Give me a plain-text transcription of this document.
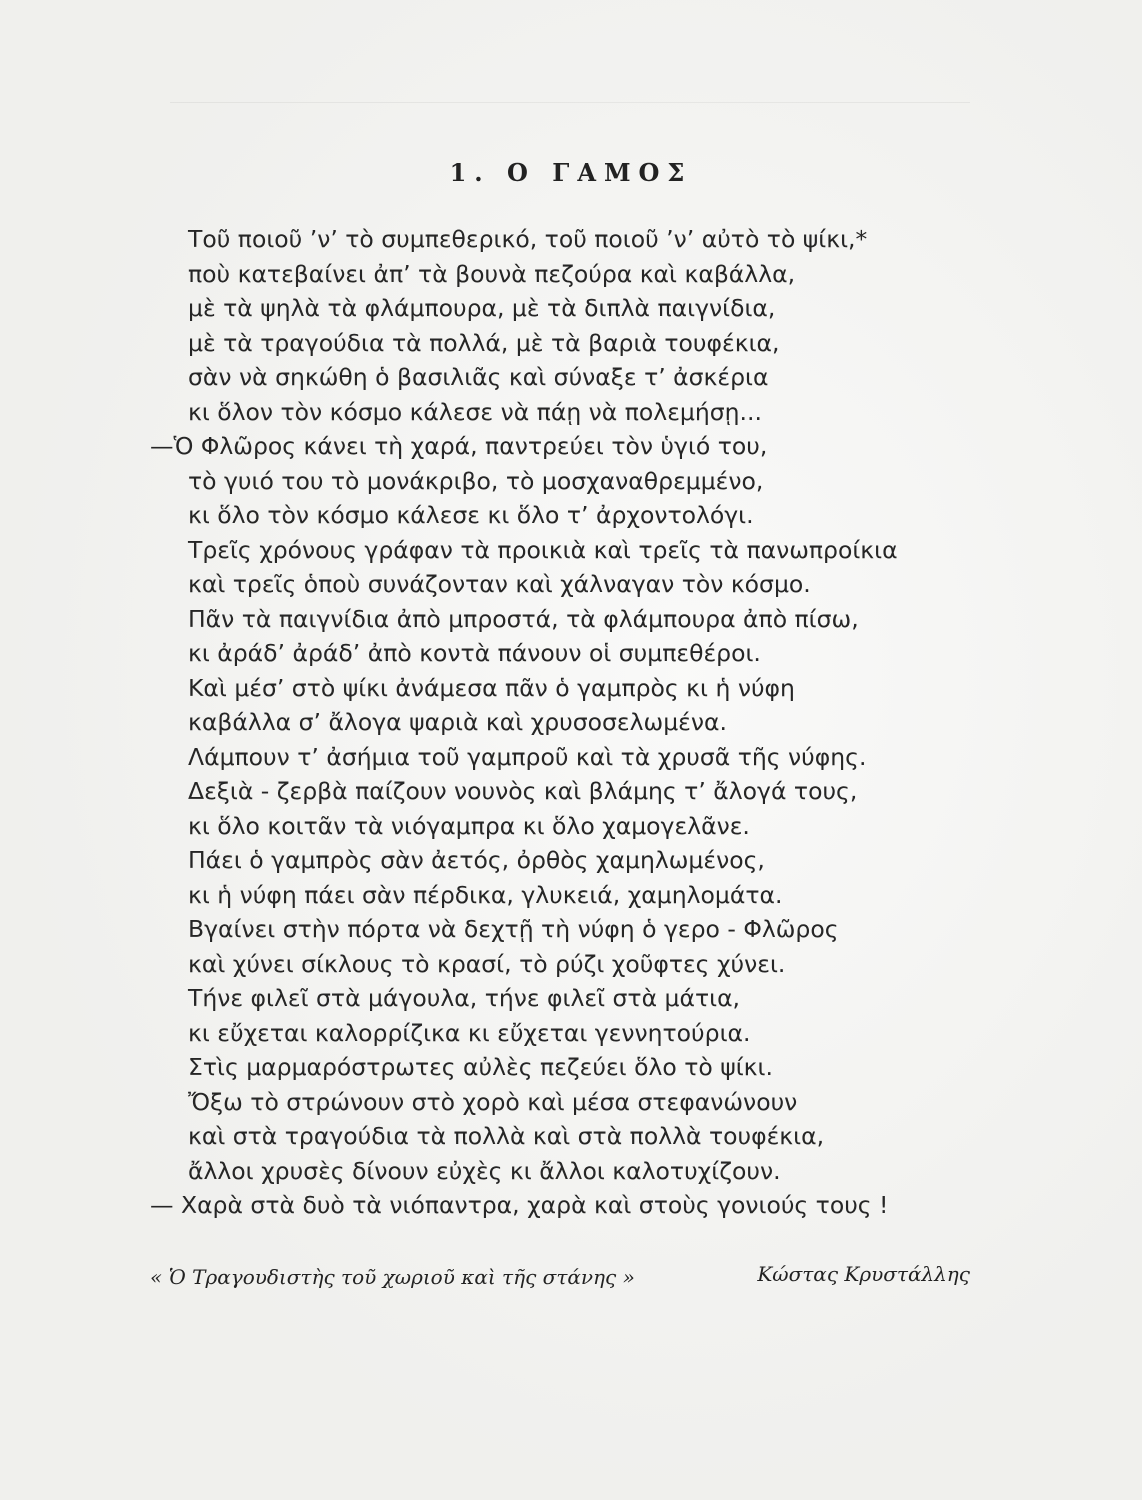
1. Ο ΓΑΜΟΣ
Τοῦ ποιοῦ ’ν’ τὸ συμπεθερικό, τοῦ ποιοῦ ’ν’ αὐτὸ τὸ ψίκι,*
ποὺ κατεβαίνει ἀπ’ τὰ βουνὰ πεζούρα καὶ καβάλλα,
μὲ τὰ ψηλὰ τὰ φλάμπουρα, μὲ τὰ διπλὰ παιγνίδια,
μὲ τὰ τραγούδια τὰ πολλά, μὲ τὰ βαριὰ τουφέκια,
σὰν νὰ σηκώθη ὁ βασιλιᾶς καὶ σύναξε τ’ ἀσκέρια
κι ὅλον τὸν κόσμο κάλεσε νὰ πάῃ νὰ πολεμήσῃ...
—Ὁ Φλῶρος κάνει τὴ χαρά, παντρεύει τὸν ὑγιό του,
τὸ γυιό του τὸ μονάκριβο, τὸ μοσχαναθρεμμένο,
κι ὅλο τὸν κόσμο κάλεσε κι ὅλο τ’ ἀρχοντολόγι.
Τρεῖς χρόνους γράφαν τὰ προικιὰ καὶ τρεῖς τὰ πανωπροίκια
καὶ τρεῖς ὁποὺ συνάζονταν καὶ χάλναγαν τὸν κόσμο.
Πᾶν τὰ παιγνίδια ἀπὸ μπροστά, τὰ φλάμπουρα ἀπὸ πίσω,
κι ἀράδ’ ἀράδ’ ἀπὸ κοντὰ πάνουν οἱ συμπεθέροι.
Καὶ μέσ’ στὸ ψίκι ἀνάμεσα πᾶν ὁ γαμπρὸς κι ἡ νύφη
καβάλλα σ’ ἄλογα ψαριὰ καὶ χρυσοσελωμένα.
Λάμπουν τ’ ἀσήμια τοῦ γαμπροῦ καὶ τὰ χρυσᾶ τῆς νύφης.
Δεξιὰ - ζερβὰ παίζουν νουνὸς καὶ βλάμης τ’ ἄλογά τους,
κι ὅλο κοιτᾶν τὰ νιόγαμπρα κι ὅλο χαμογελᾶνε.
Πάει ὁ γαμπρὸς σὰν ἀετός, ὀρθὸς χαμηλωμένος,
κι ἡ νύφη πάει σὰν πέρδικα, γλυκειά, χαμηλομάτα.
Βγαίνει στὴν πόρτα νὰ δεχτῇ τὴ νύφη ὁ γερο - Φλῶρος
καὶ χύνει σίκλους τὸ κρασί, τὸ ρύζι χοῦφτες χύνει.
Τήνε φιλεῖ στὰ μάγουλα, τήνε φιλεῖ στὰ μάτια,
κι εὔχεται καλορρίζικα κι εὔχεται γεννητούρια.
Στὶς μαρμαρόστρωτες αὐλὲς πεζεύει ὅλο τὸ ψίκι.
Ὄξω τὸ στρώνουν στὸ χορὸ καὶ μέσα στεφανώνουν
καὶ στὰ τραγούδια τὰ πολλὰ καὶ στὰ πολλὰ τουφέκια,
ἄλλοι χρυσὲς δίνουν εὐχὲς κι ἄλλοι καλοτυχίζουν.
— Χαρὰ στὰ δυὸ τὰ νιόπαντρα, χαρὰ καὶ στοὺς γονιούς τους !
« Ὁ Τραγουδιστὴς τοῦ χωριοῦ καὶ τῆς στάνης »	Κώστας Κρυστάλλης
